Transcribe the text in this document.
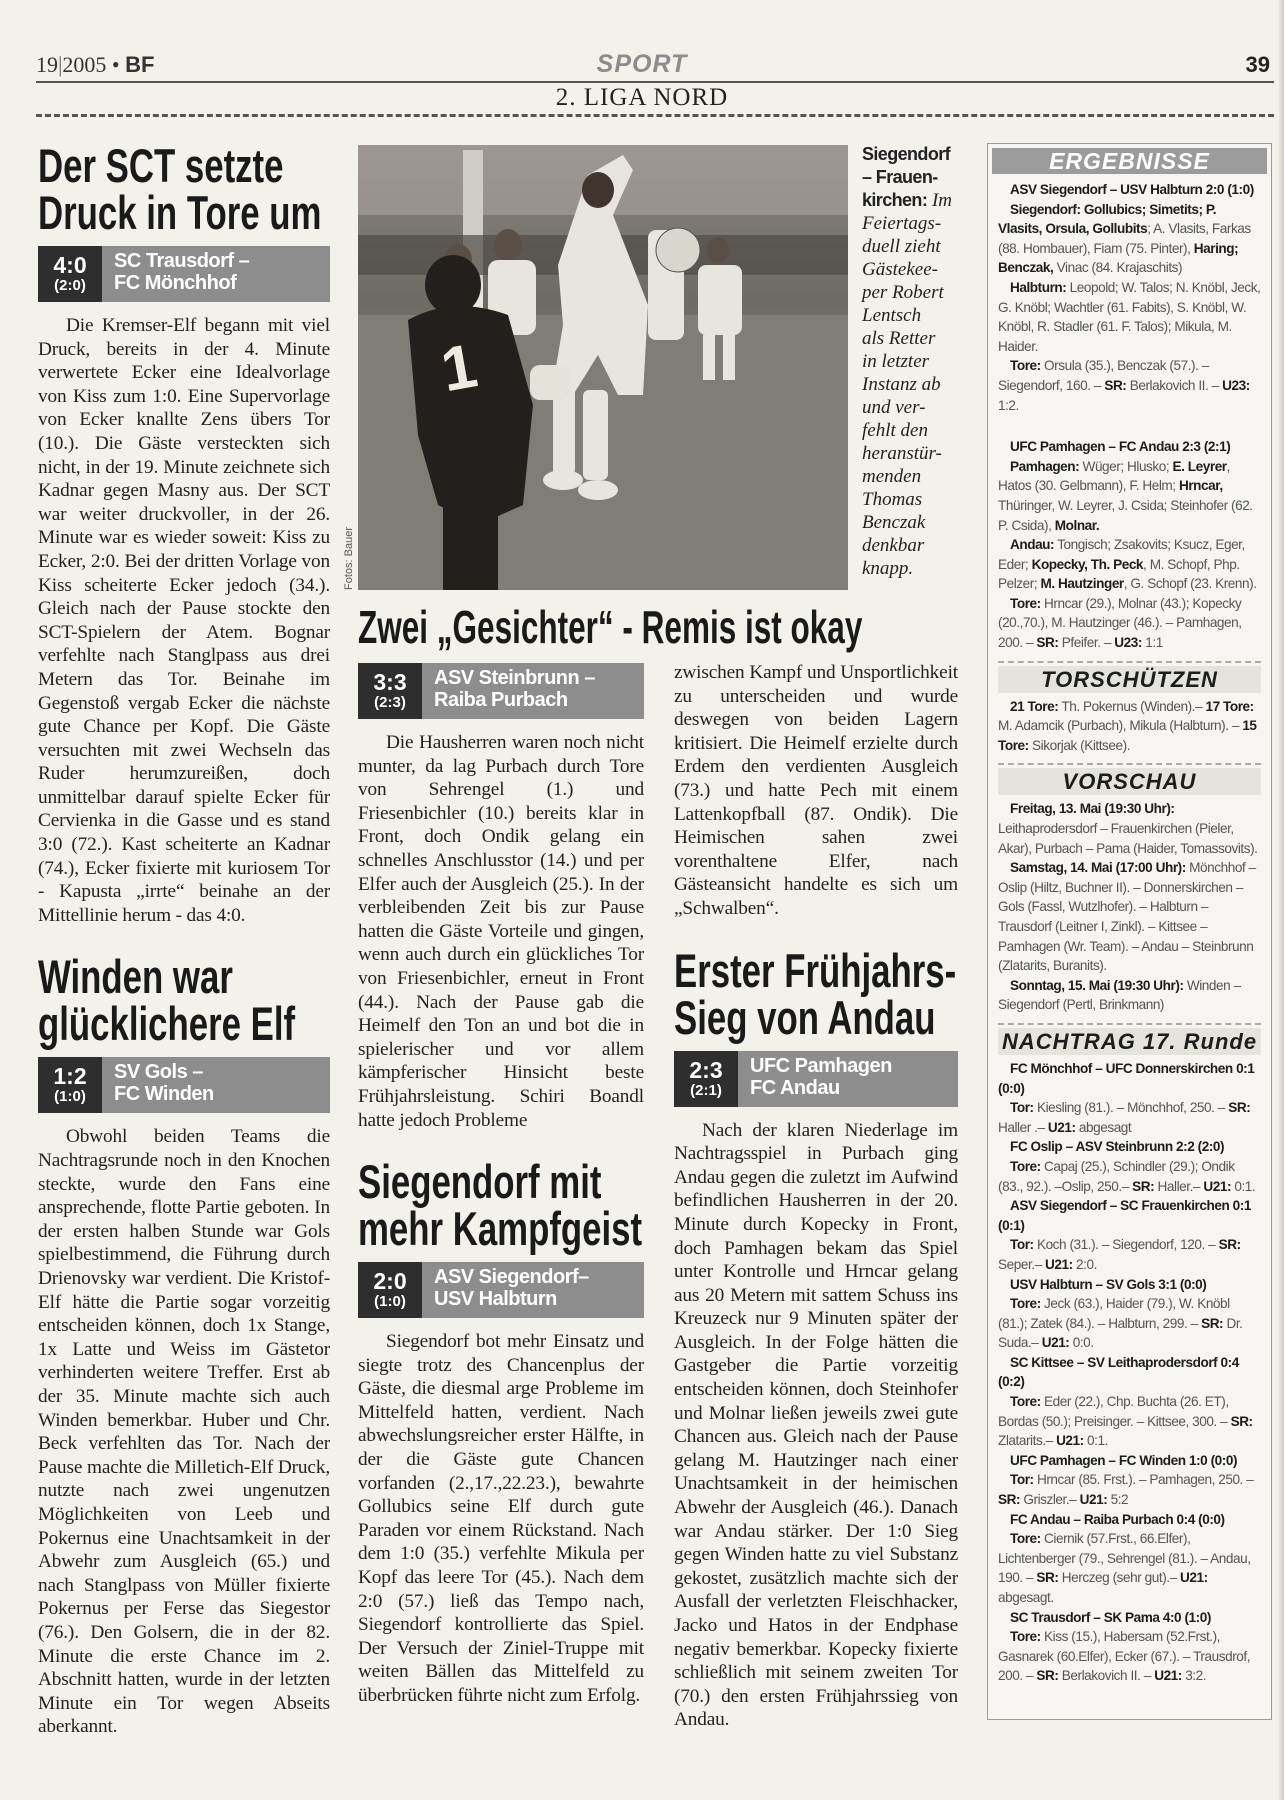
19|2005 • BF	SPORT	39
2. LIGA NORD
Der SCT setzte
Druck in Tore um
4:0
(2:0)
SC Trausdorf –
FC Mönchhof

Die Kremser-Elf begann mit viel Druck, bereits in der 4. Minute verwertete Ecker eine Idealvorlage von Kiss zum 1:0. Eine Supervorlage von Ecker knallte Zens übers Tor (10.). Die Gäste versteckten sich nicht, in der 19. Minute zeichnete sich Kadnar gegen Masny aus. Der SCT war weiter druckvoller, in der 26. Minute war es wieder soweit: Kiss zu Ecker, 2:0. Bei der dritten Vorlage von Kiss scheiterte Ecker jedoch (34.). Gleich nach der Pause stockte den SCT-Spielern der Atem. Bognar verfehlte nach Stanglpass aus drei Metern das Tor. Beinahe im Gegenstoß vergab Ecker die nächste gute Chance per Kopf. Die Gäste versuchten mit zwei Wechseln das Ruder herumzureißen, doch unmittelbar darauf spielte Ecker für Cervienka in die Gasse und es stand 3:0 (72.). Kast scheiterte an Kadnar (74.), Ecker fixierte mit kuriosem Tor - Kapusta „irrte“ beinahe an der Mittellinie herum - das 4:0.

Winden war
glücklichere Elf
1:2
(1:0)
SV Gols –
FC Winden

Obwohl beiden Teams die Nachtragsrunde noch in den Knochen steckte, wurde den Fans eine ansprechende, flotte Partie geboten. In der ersten halben Stunde war Gols spielbestimmend, die Führung durch Drienovsky war verdient. Die Kristof-Elf hätte die Partie sogar vorzeitig entscheiden können, doch 1x Stange, 1x Latte und Weiss im Gästetor verhinderten weitere Treffer. Erst ab der 35. Minute machte sich auch Winden bemerkbar. Huber und Chr. Beck verfehlten das Tor. Nach der Pause machte die Milletich-Elf Druck, nutzte nach zwei ungenutzen Möglichkeiten von Leeb und Pokernus eine Unachtsamkeit in der Abwehr zum Ausgleich (65.) und nach Stanglpass von Müller fixierte Pokernus per Ferse das Siegestor (76.). Den Golsern, die in der 82. Minute die erste Chance im 2. Abschnitt hatten, wurde in der letzten Minute ein Tor wegen Abseits aberkannt.

1
Fotos: Bauer
Siegendorf
– Frauen-
kirchen: Im
Feiertags-
duell zieht
Gästekee-
per Robert
Lentsch
als Retter
in letzter
Instanz ab
und ver-
fehlt den
heranstür-
menden
Thomas
Benczak
denkbar
knapp.
Zwei „Gesichter“ - Remis ist okay
3:3
(2:3)
ASV Steinbrunn –
Raiba Purbach

Die Hausherren waren noch nicht munter, da lag Purbach durch Tore von Sehrengel (1.) und Friesenbichler (10.) bereits klar in Front, doch Ondik gelang ein schnelles Anschlusstor (14.) und per Elfer auch der Ausgleich (25.). In der verbleibenden Zeit bis zur Pause hatten die Gäste Vorteile und gingen, wenn auch durch ein glückliches Tor von Friesenbichler, erneut in Front (44.). Nach der Pause gab die Heimelf den Ton an und bot die in spielerischer und vor allem kämpferischer Hinsicht beste Frühjahrsleistung. Schiri Boandl hatte jedoch Probleme

Siegendorf mit
mehr Kampfgeist
2:0
(1:0)
ASV Siegendorf–
USV Halbturn

Siegendorf bot mehr Einsatz und siegte trotz des Chancenplus der Gäste, die diesmal arge Probleme im Mittelfeld hatten, verdient. Nach abwechslungsreicher erster Hälfte, in der die Gäste gute Chancen vorfanden (2.,17.,22.23.), bewahrte Gollubics seine Elf durch gute Paraden vor einem Rückstand. Nach dem 1:0 (35.) verfehlte Mikula per Kopf das leere Tor (45.). Nach dem 2:0 (57.) ließ das Tempo nach, Siegendorf kontrollierte das Spiel. Der Versuch der Ziniel-Truppe mit weiten Bällen das Mittelfeld zu überbrücken führte nicht zum Erfolg.

zwischen Kampf und Unsportlichkeit zu unterscheiden und wurde deswegen von beiden Lagern kritisiert. Die Heimelf erzielte durch Erdem den verdienten Ausgleich (73.) und hatte Pech mit einem Lattenkopfball (87. Ondik). Die Heimischen sahen zwei vorenthaltene Elfer, nach Gästeansicht handelte es sich um „Schwalben“.

Erster Frühjahrs-
Sieg von Andau
2:3
(2:1)
UFC Pamhagen
FC Andau

Nach der klaren Niederlage im Nachtragsspiel in Purbach ging Andau gegen die zuletzt im Aufwind befindlichen Hausherren in der 20. Minute durch Kopecky in Front, doch Pamhagen bekam das Spiel unter Kontrolle und Hrncar gelang aus 20 Metern mit sattem Schuss ins Kreuzeck nur 9 Minuten später der Ausgleich. In der Folge hätten die Gastgeber die Partie vorzeitig entscheiden können, doch Steinhofer und Molnar ließen jeweils zwei gute Chancen aus. Gleich nach der Pause gelang M. Hautzinger nach einer Unachtsamkeit in der heimischen Abwehr der Ausgleich (46.). Danach war Andau stärker. Der 1:0 Sieg gegen Winden hatte zu viel Substanz gekostet, zusätzlich machte sich der Ausfall der verletzten Fleischhacker, Jacko und Hatos in der Endphase negativ bemerkbar. Kopecky fixierte schließlich mit seinem zweiten Tor (70.) den ersten Frühjahrssieg von Andau.

ERGEBNISSE

ASV Siegendorf – USV Halbturn 2:0 (1:0)

Siegendorf: Gollubics; Simetits; P. Vlasits, Orsula, Gollubits; A. Vlasits, Farkas (88. Hombauer), Fiam (75. Pinter), Haring; Benczak, Vinac (84. Krajaschits)

Halbturn: Leopold; W. Talos; N. Knöbl, Jeck, G. Knöbl; Wachtler (61. Fabits), S. Knöbl, W. Knöbl, R. Stadler (61. F. Talos); Mikula, M. Haider.

Tore: Orsula (35.), Benczak (57.). – Siegendorf, 160. – SR: Berlakovich II. – U23: 1:2.

UFC Pamhagen – FC Andau 2:3 (2:1)

Pamhagen: Wüger; Hlusko; E. Leyrer, Hatos (30. Gelbmann), F. Helm; Hrncar, Thüringer, W. Leyrer, J. Csida; Steinhofer (62. P. Csida), Molnar.

Andau: Tongisch; Zsakovits; Ksucz, Eger, Eder; Kopecky, Th. Peck, M. Schopf, Php. Pelzer; M. Hautzinger, G. Schopf (23. Krenn).

Tore: Hrncar (29.), Molnar (43.); Kopecky (20.,70.), M. Hautzinger (46.). – Pamhagen, 200. – SR: Pfeifer. – U23: 1:1

TORSCHÜTZEN

21 Tore: Th. Pokernus (Winden).– 17 Tore: M. Adamcik (Purbach), Mikula (Halbturn). – 15 Tore: Sikorjak (Kittsee).

VORSCHAU

Freitag, 13. Mai (19:30 Uhr): Leithaprodersdorf – Frauenkirchen (Pieler, Akar), Purbach – Pama (Haider, Tomassovits).

Samstag, 14. Mai (17:00 Uhr): Mönchhof – Oslip (Hiltz, Buchner II). – Donnerskirchen – Gols (Fassl, Wutzlhofer). – Halbturn – Trausdorf (Leitner I, Zinkl). – Kittsee – Pamhagen (Wr. Team). – Andau – Steinbrunn (Zlatarits, Buranits).

Sonntag, 15. Mai (19:30 Uhr): Winden – Siegendorf (Pertl, Brinkmann)

NACHTRAG 17. Runde

FC Mönchhof – UFC Donnerskirchen 0:1 (0:0)

Tor: Kiesling (81.). – Mönchhof, 250. – SR: Haller .– U21: abgesagt

FC Oslip – ASV Steinbrunn 2:2 (2:0)

Tore: Capaj (25.), Schindler (29.); Ondik (83., 92.). –Oslip, 250.– SR: Haller.– U21: 0:1.

ASV Siegendorf – SC Frauenkirchen 0:1 (0:1)

Tor: Koch (31.). – Siegendorf, 120. – SR: Seper.– U21: 2:0.

USV Halbturn – SV Gols 3:1 (0:0)

Tore: Jeck (63.), Haider (79.), W. Knöbl (81.); Zatek (84.). – Halbturn, 299. – SR: Dr. Suda.– U21: 0:0.

SC Kittsee – SV Leithaprodersdorf 0:4 (0:2)

Tore: Eder (22.), Chp. Buchta (26. ET), Bordas (50.); Preisinger. – Kittsee, 300. – SR: Zlatarits.– U21: 0:1.

UFC Pamhagen – FC Winden 1:0 (0:0)

Tor: Hrncar (85. Frst.). – Pamhagen, 250. – SR: Griszler.– U21: 5:2

FC Andau – Raiba Purbach 0:4 (0:0)

Tore: Ciernik (57.Frst., 66.Elfer), Lichtenberger (79., Sehrengel (81.). – Andau, 190. – SR: Herczeg (sehr gut).– U21: abgesagt.

SC Trausdorf – SK Pama 4:0 (1:0)

Tore: Kiss (15.), Habersam (52.Frst.), Gasnarek (60.Elfer), Ecker (67.). – Trausdrof, 200. – SR: Berlakovich II. – U21: 3:2.
